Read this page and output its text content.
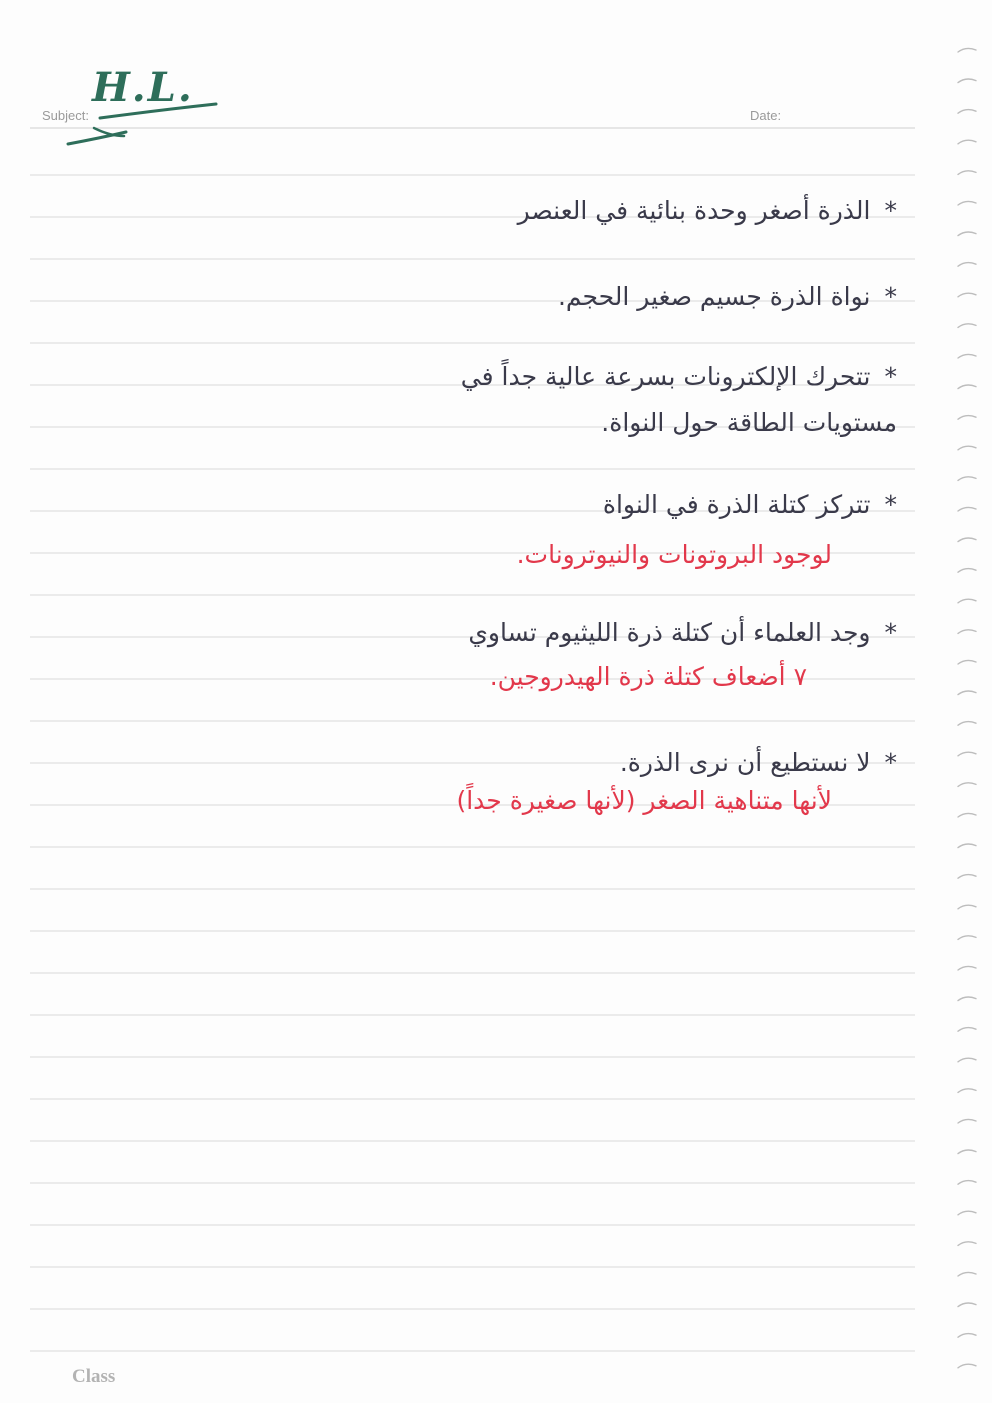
H.L.
Subject:	Date:
*الذرة أصغر وحدة بنائية في العنصر
*نواة الذرة جسيم صغير الحجم.
*تتحرك الإلكترونات بسرعة عالية جداً في
مستويات الطاقة حول النواة.
*تتركز كتلة الذرة في النواة
لوجود البروتونات والنيوترونات.
*وجد العلماء أن كتلة ذرة الليثيوم تساوي
٧ أضعاف كتلة ذرة الهيدروجين.
*لا نستطيع أن نرى الذرة.
لأنها متناهية الصغر (لأنها صغيرة جداً)
Class
